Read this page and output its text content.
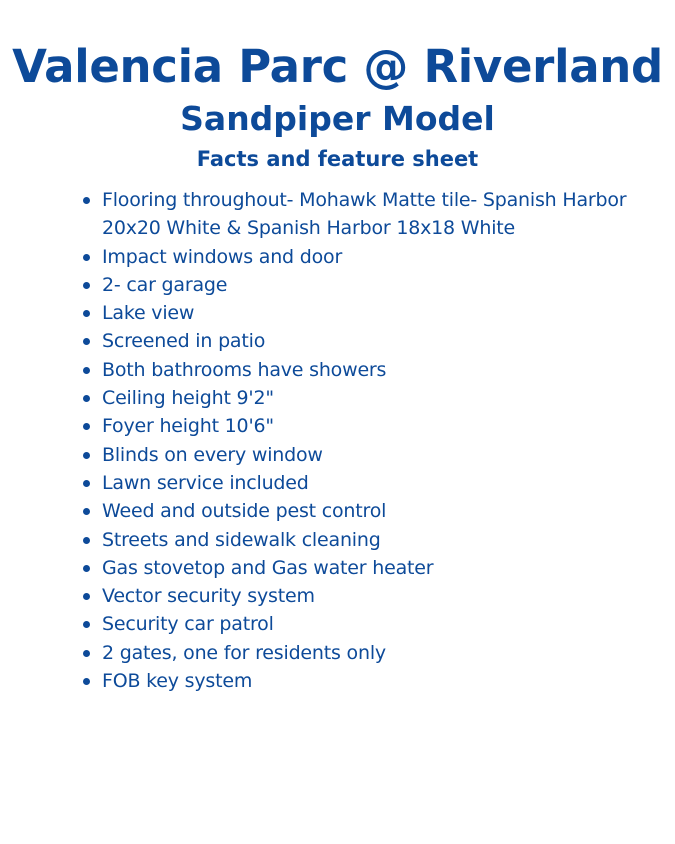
Valencia Parc @ Riverland
Sandpiper Model
Facts and feature sheet
Flooring throughout- Mohawk Matte tile- Spanish Harbor 20x20 White & Spanish Harbor 18x18 White
Impact windows and door
2- car garage
Lake view
Screened in patio
Both bathrooms have showers
Ceiling height 9'2"
Foyer height 10'6"
Blinds on every window
Lawn service included
Weed and outside pest control
Streets and sidewalk cleaning
Gas stovetop and Gas water heater
Vector security system
Security car patrol
2 gates, one for residents only
FOB key system
